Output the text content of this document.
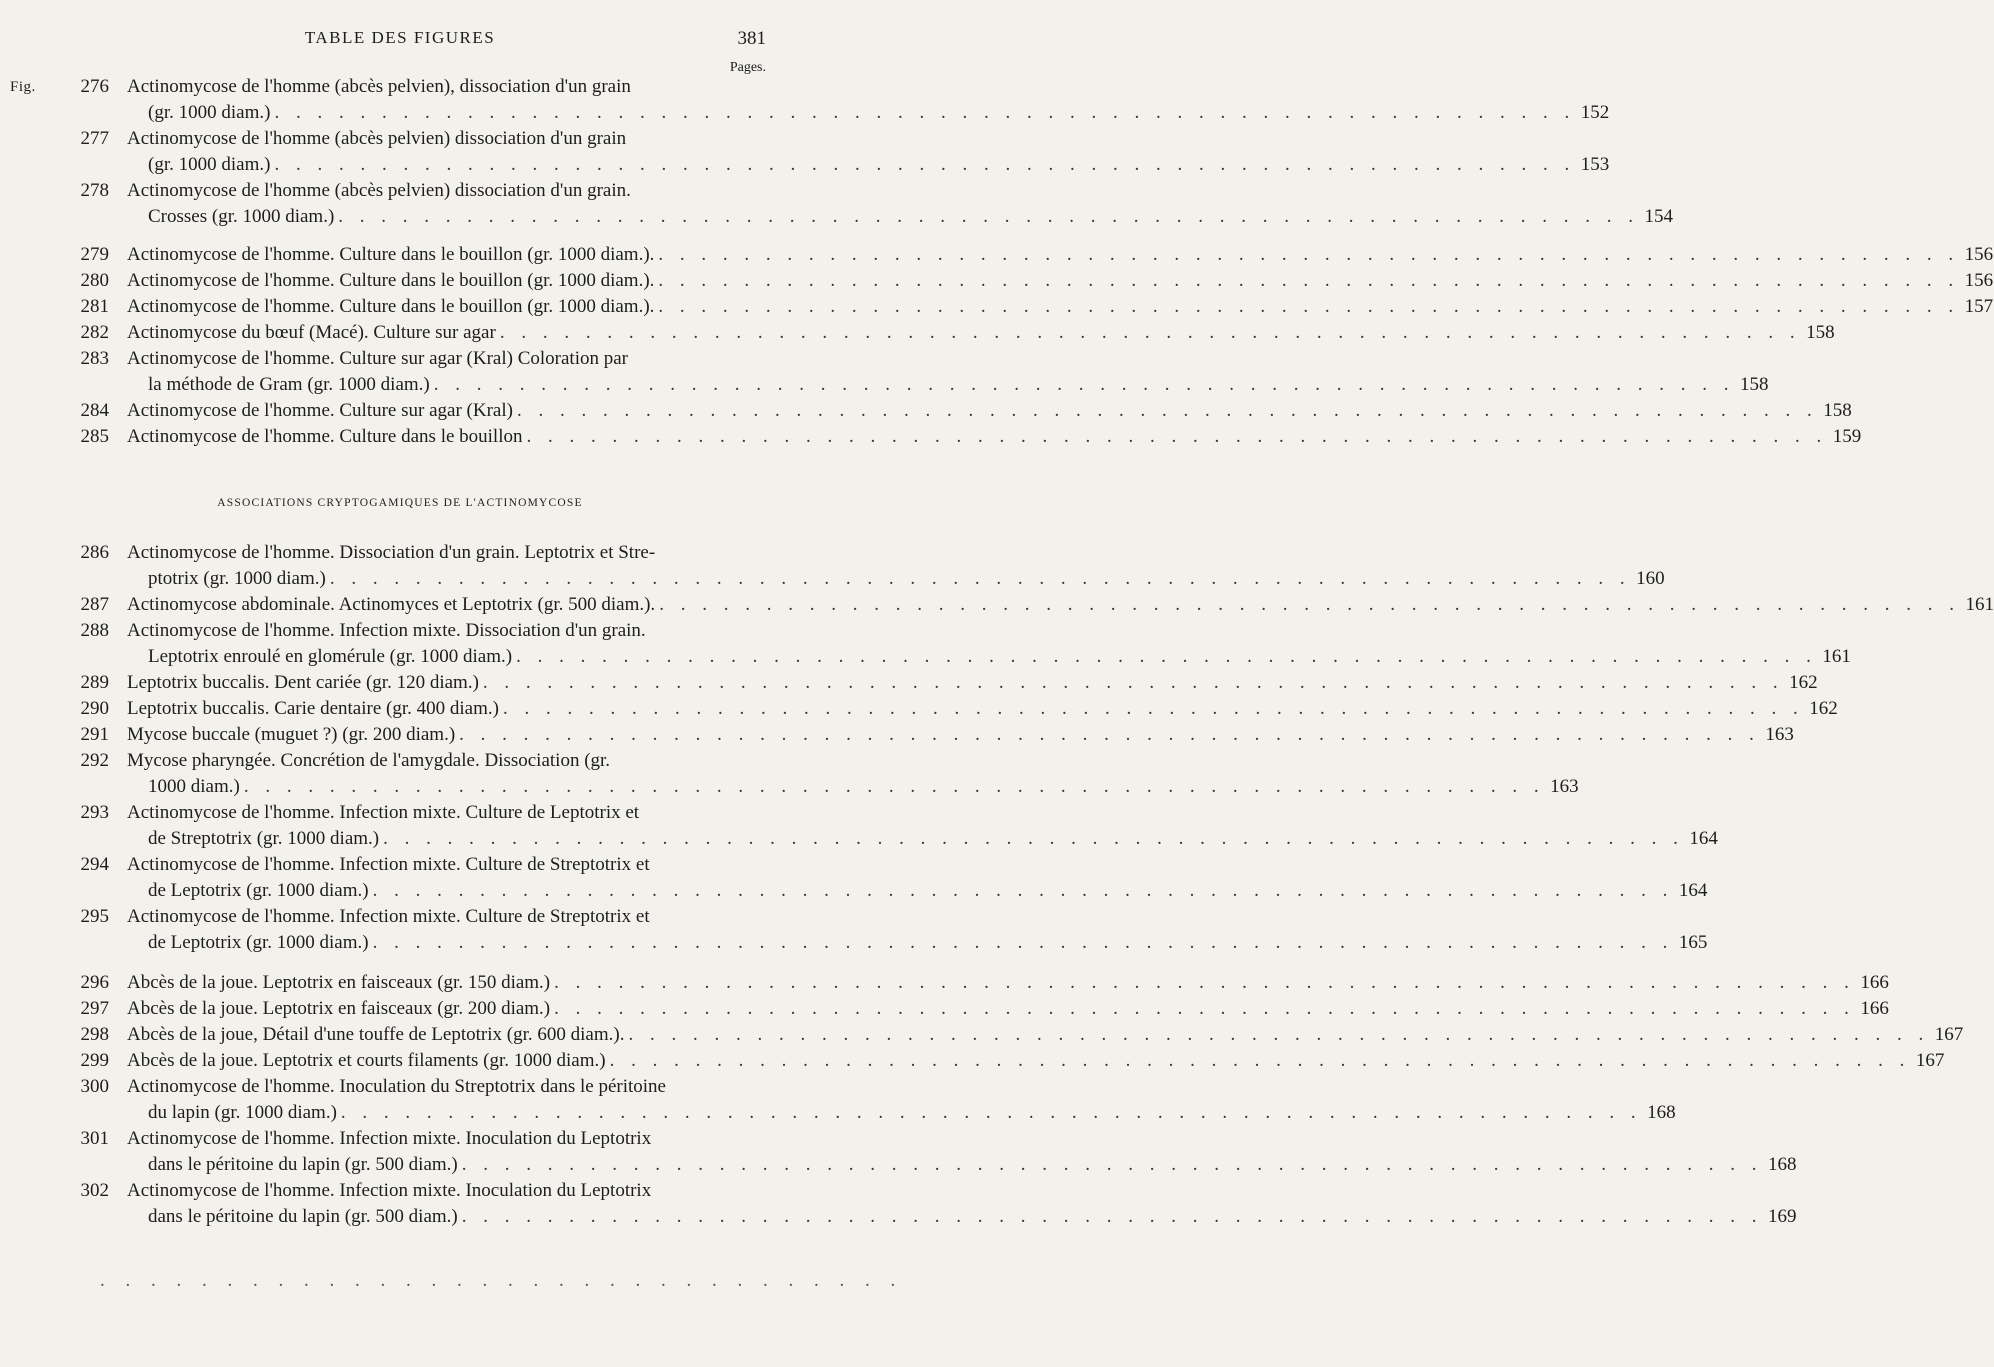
TABLE DES FIGURES	381
Pages.
ASSOCIATIONS CRYPTOGAMIQUES DE L'ACTINOMYCOSE
Fig.	276 Actinomycose de l'homme (abcès pelvien), dissociation d'un grain
(gr. 1000 diam.) . . .	152
277 Actinomycose de l'homme (abcès pelvien) dissociation d'un grain
(gr. 1000 diam.) . . .	153
278 Actinomycose de l'homme (abcès pelvien) dissociation d'un grain.
Crosses (gr. 1000 diam.) . . .	154
279 Actinomycose de l'homme. Culture dans le bouillon (gr. 1000 diam.). . . .	156
280 Actinomycose de l'homme. Culture dans le bouillon (gr. 1000 diam.). . . .	156
281 Actinomycose de l'homme. Culture dans le bouillon (gr. 1000 diam.). . . .	157
282 Actinomycose du bœuf (Macé). Culture sur agar . . .	158
283 Actinomycose de l'homme. Culture sur agar (Kral) Coloration par
la méthode de Gram (gr. 1000 diam.) . . .	158
284 Actinomycose de l'homme. Culture sur agar (Kral) . . .	158
285 Actinomycose de l'homme. Culture dans le bouillon . . .	159
286 Actinomycose de l'homme. Dissociation d'un grain. Leptotrix et Stre-
ptotrix (gr. 1000 diam.) . . .	160
287 Actinomycose abdominale. Actinomyces et Leptotrix (gr. 500 diam.). . . .	161
288 Actinomycose de l'homme. Infection mixte. Dissociation d'un grain.
Leptotrix enroulé en glomérule (gr. 1000 diam.) . . .	161
289 Leptotrix buccalis. Dent cariée (gr. 120 diam.) . . .	162
290 Leptotrix buccalis. Carie dentaire (gr. 400 diam.) . . .	162
291 Mycose buccale (muguet ?) (gr. 200 diam.) . . .	163
292 Mycose pharyngée. Concrétion de l'amygdale. Dissociation (gr.
1000 diam.) . . .	163
293 Actinomycose de l'homme. Infection mixte. Culture de Leptotrix et
de Streptotrix (gr. 1000 diam.) . . .	164
294 Actinomycose de l'homme. Infection mixte. Culture de Streptotrix et
de Leptotrix (gr. 1000 diam.) . . .	164
295 Actinomycose de l'homme. Infection mixte. Culture de Streptotrix et
de Leptotrix (gr. 1000 diam.) . . .	165
296 Abcès de la joue. Leptotrix en faisceaux (gr. 150 diam.) . . .	166
297 Abcès de la joue. Leptotrix en faisceaux (gr. 200 diam.) . . .	166
298 Abcès de la joue, Détail d'une touffe de Leptotrix (gr. 600 diam.). . . .	167
299 Abcès de la joue. Leptotrix et courts filaments (gr. 1000 diam.) . . .	167
300 Actinomycose de l'homme. Inoculation du Streptotrix dans le péritoine
du lapin (gr. 1000 diam.) . . .	168
301 Actinomycose de l'homme. Infection mixte. Inoculation du Leptotrix
dans le péritoine du lapin (gr. 500 diam.) . . .	168
302 Actinomycose de l'homme. Infection mixte. Inoculation du Leptotrix
dans le péritoine du lapin (gr. 500 diam.) . . .	169
. . . . . . . . . . . . . . . . . . . . . . . . . . . . . . . .
